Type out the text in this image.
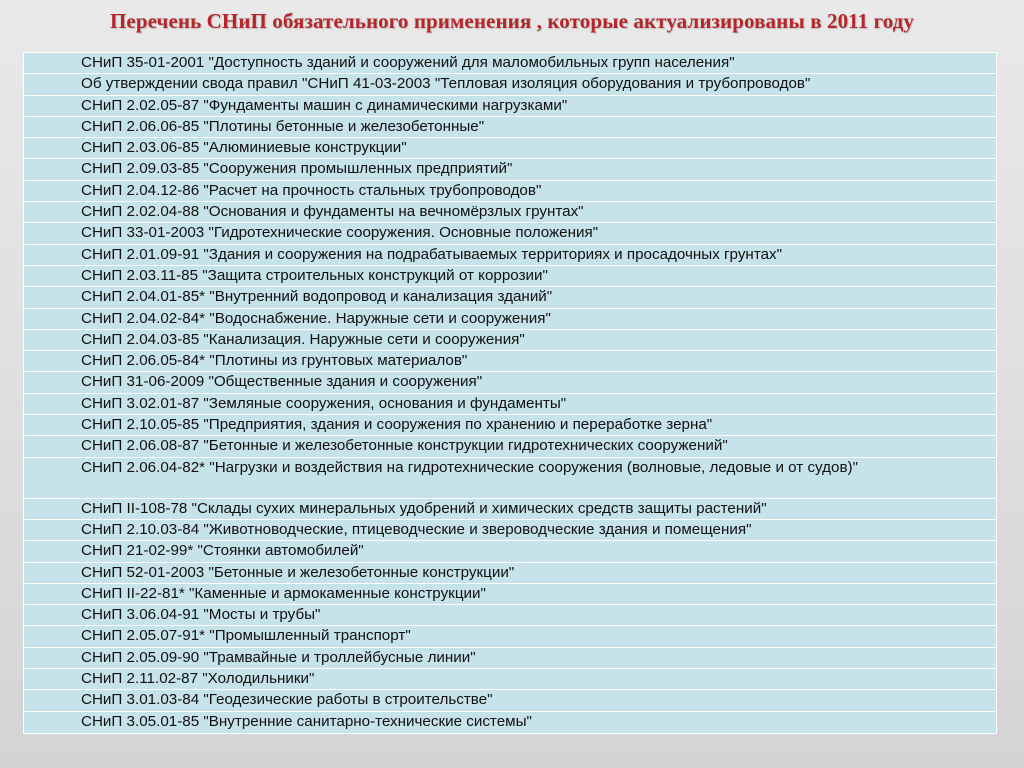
Перечень СНиП обязательного применения , которые актуализированы в 2011 году
СНиП 35-01-2001 "Доступность зданий и сооружений для маломобильных групп населения"
Об утверждении свода правил "СНиП 41-03-2003 "Тепловая изоляция оборудования и трубопроводов"
СНиП 2.02.05-87 "Фундаменты машин с динамическими нагрузками"
СНиП 2.06.06-85 "Плотины бетонные и железобетонные"
СНиП 2.03.06-85 "Алюминиевые конструкции"
СНиП 2.09.03-85 "Сооружения промышленных предприятий"
СНиП 2.04.12-86 "Расчет на прочность стальных трубопроводов"
СНиП 2.02.04-88 "Основания и фундаменты на вечномёрзлых грунтах"
СНиП 33-01-2003 "Гидротехнические сооружения. Основные положения"
СНиП 2.01.09-91 "Здания и сооружения на подрабатываемых территориях и просадочных грунтах"
СНиП 2.03.11-85 "Защита строительных конструкций от коррозии"
СНиП 2.04.01-85* "Внутренний водопровод и канализация зданий"
СНиП 2.04.02-84* "Водоснабжение. Наружные сети и сооружения"
СНиП 2.04.03-85 "Канализация. Наружные сети и сооружения"
СНиП 2.06.05-84* "Плотины из грунтовых материалов"
СНиП 31-06-2009 "Общественные здания и сооружения"
СНиП 3.02.01-87 "Земляные сооружения, основания и фундаменты"
СНиП 2.10.05-85 "Предприятия, здания и сооружения по хранению и переработке зерна"
СНиП 2.06.08-87 "Бетонные и железобетонные конструкции гидротехнических сооружений"
СНиП 2.06.04-82* "Нагрузки и воздействия на гидротехнические сооружения (волновые, ледовые и от судов)"
СНиП II-108-78 "Склады сухих минеральных удобрений и химических средств защиты растений"
СНиП 2.10.03-84 "Животноводческие, птицеводческие и звероводческие здания и помещения"
СНиП 21-02-99* "Стоянки автомобилей"
СНиП 52-01-2003 "Бетонные и железобетонные конструкции"
СНиП II-22-81* "Каменные и армокаменные конструкции"
СНиП 3.06.04-91 "Мосты и трубы"
СНиП 2.05.07-91* "Промышленный транспорт"
СНиП 2.05.09-90 "Трамвайные и троллейбусные линии"
СНиП 2.11.02-87 "Холодильники"
СНиП 3.01.03-84 "Геодезические работы в строительстве"
СНиП 3.05.01-85 "Внутренние санитарно-технические системы"
